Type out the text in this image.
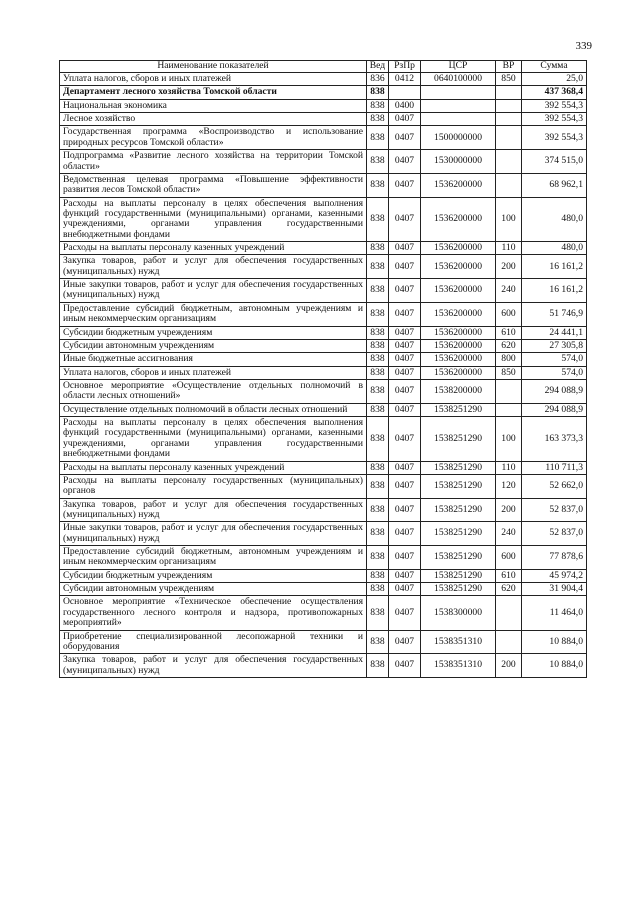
339
Наименование показателей	Вед	РзПр	ЦСР	ВР	Сумма
Уплата налогов, сборов и иных платежей	836	0412	0640100000	850	25,0
Департамент лесного хозяйства Томской области	838				437 368,4
Национальная экономика	838	0400			392 554,3
Лесное хозяйство	838	0407			392 554,3
Государственная программа «Воспроизводство и использование природных ресурсов Томской области»	838	0407	1500000000		392 554,3
Подпрограмма «Развитие лесного хозяйства на территории Томской области»	838	0407	1530000000		374 515,0
Ведомственная целевая программа «Повышение эффективности развития лесов Томской области»	838	0407	1536200000		68 962,1
Расходы на выплаты персоналу в целях обеспечения выполнения функций государственными (муниципальными) органами, казенными учреждениями, органами управления государственными внебюджетными фондами	838	0407	1536200000	100	480,0
Расходы на выплаты персоналу казенных учреждений	838	0407	1536200000	110	480,0
Закупка товаров, работ и услуг для обеспечения государственных (муниципальных) нужд	838	0407	1536200000	200	16 161,2
Иные закупки товаров, работ и услуг для обеспечения государственных (муниципальных) нужд	838	0407	1536200000	240	16 161,2
Предоставление субсидий бюджетным, автономным учреждениям и иным некоммерческим организациям	838	0407	1536200000	600	51 746,9
Субсидии бюджетным учреждениям	838	0407	1536200000	610	24 441,1
Субсидии автономным учреждениям	838	0407	1536200000	620	27 305,8
Иные бюджетные ассигнования	838	0407	1536200000	800	574,0
Уплата налогов, сборов и иных платежей	838	0407	1536200000	850	574,0
Основное мероприятие «Осуществление отдельных полномочий в области лесных отношений»	838	0407	1538200000		294 088,9
Осуществление отдельных полномочий в области лесных отношений	838	0407	1538251290		294 088,9
Расходы на выплаты персоналу в целях обеспечения выполнения функций государственными (муниципальными) органами, казенными учреждениями, органами управления государственными внебюджетными фондами	838	0407	1538251290	100	163 373,3
Расходы на выплаты персоналу казенных учреждений	838	0407	1538251290	110	110 711,3
Расходы на выплаты персоналу государственных (муниципальных) органов	838	0407	1538251290	120	52 662,0
Закупка товаров, работ и услуг для обеспечения государственных (муниципальных) нужд	838	0407	1538251290	200	52 837,0
Иные закупки товаров, работ и услуг для обеспечения государственных (муниципальных) нужд	838	0407	1538251290	240	52 837,0
Предоставление субсидий бюджетным, автономным учреждениям и иным некоммерческим организациям	838	0407	1538251290	600	77 878,6
Субсидии бюджетным учреждениям	838	0407	1538251290	610	45 974,2
Субсидии автономным учреждениям	838	0407	1538251290	620	31 904,4
Основное мероприятие «Техническое обеспечение осуществления государственного лесного контроля и надзора, противопожарных мероприятий»	838	0407	1538300000		11 464,0
Приобретение специализированной лесопожарной техники и оборудования	838	0407	1538351310		10 884,0
Закупка товаров, работ и услуг для обеспечения государственных (муниципальных) нужд	838	0407	1538351310	200	10 884,0
